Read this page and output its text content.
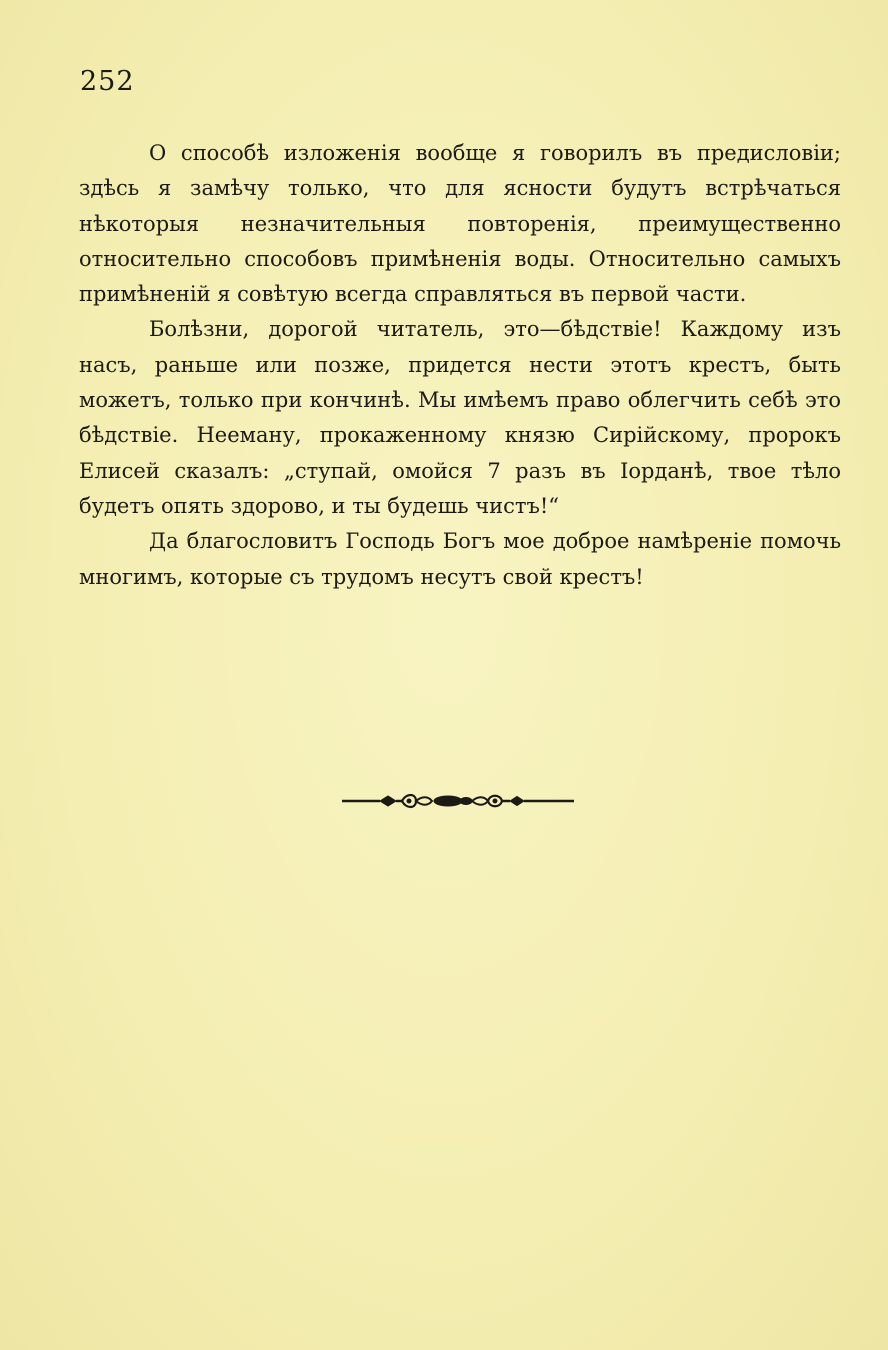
252

О способѣ изложенія вообще я говорилъ въ предисловіи; здѣсь я замѣчу только, что для ясности будутъ встрѣчаться нѣкоторыя незначительныя повторенія, преимущественно относительно способовъ примѣненія воды. Относительно самыхъ примѣненій я совѣтую всегда справляться въ первой части.

Болѣзни, дорогой читатель, это—бѣдствіе! Каждому изъ насъ, раньше или позже, придется нести этотъ крестъ, быть можетъ, только при кончинѣ. Мы имѣемъ право облегчить себѣ это бѣдствіе. Нееману, прокаженному князю Сирійскому, пророкъ Елисей сказалъ: „ступай, омойся 7 разъ въ Іорданѣ, твое тѣло будетъ опять здорово, и ты будешь чистъ!“

Да благословитъ Господь Богъ мое доброе намѣреніе помочь многимъ, которые съ трудомъ несутъ свой крестъ!
